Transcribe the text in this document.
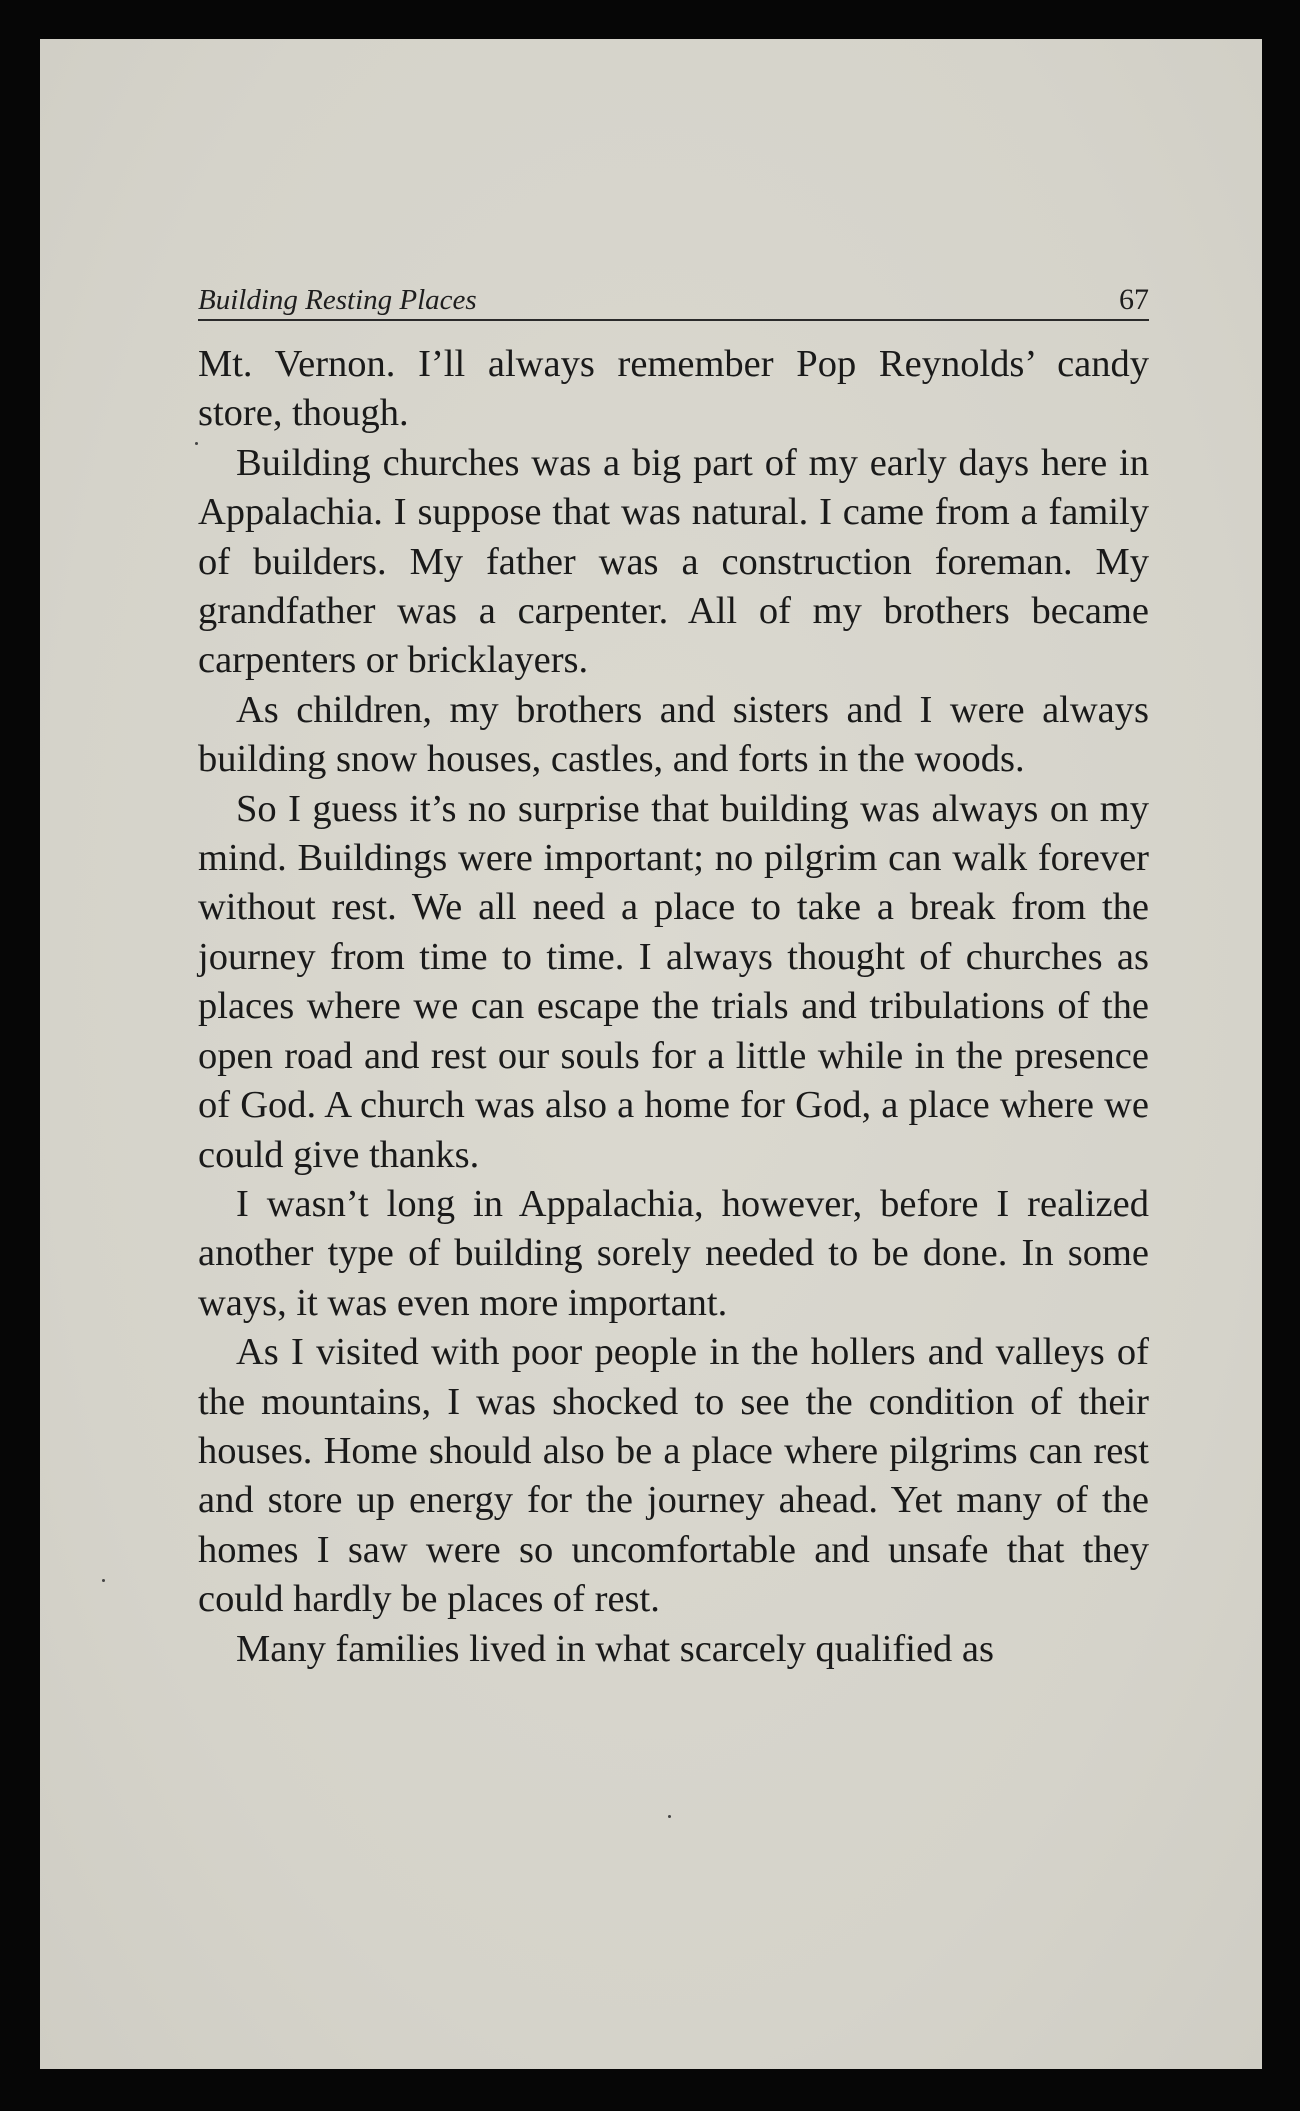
Building Resting Places	67

Mt. Vernon. I’ll always remember Pop Reynolds’ candy store, though.

Building churches was a big part of my early days here in Appalachia. I suppose that was natural. I came from a family of builders. My father was a construction foreman. My grandfather was a carpenter. All of my brothers became carpenters or bricklayers.

As children, my brothers and sisters and I were always building snow houses, castles, and forts in the woods.

So I guess it’s no surprise that building was always on my mind. Buildings were important; no pilgrim can walk forever without rest. We all need a place to take a break from the journey from time to time. I always thought of churches as places where we can escape the trials and tribulations of the open road and rest our souls for a little while in the presence of God. A church was also a home for God, a place where we could give thanks.

I wasn’t long in Appalachia, however, before I realized another type of building sorely needed to be done. In some ways, it was even more important.

As I visited with poor people in the hollers and valleys of the mountains, I was shocked to see the condition of their houses. Home should also be a place where pilgrims can rest and store up energy for the journey ahead. Yet many of the homes I saw were so uncomfortable and unsafe that they could hardly be places of rest.

Many families lived in what scarcely qualified as
